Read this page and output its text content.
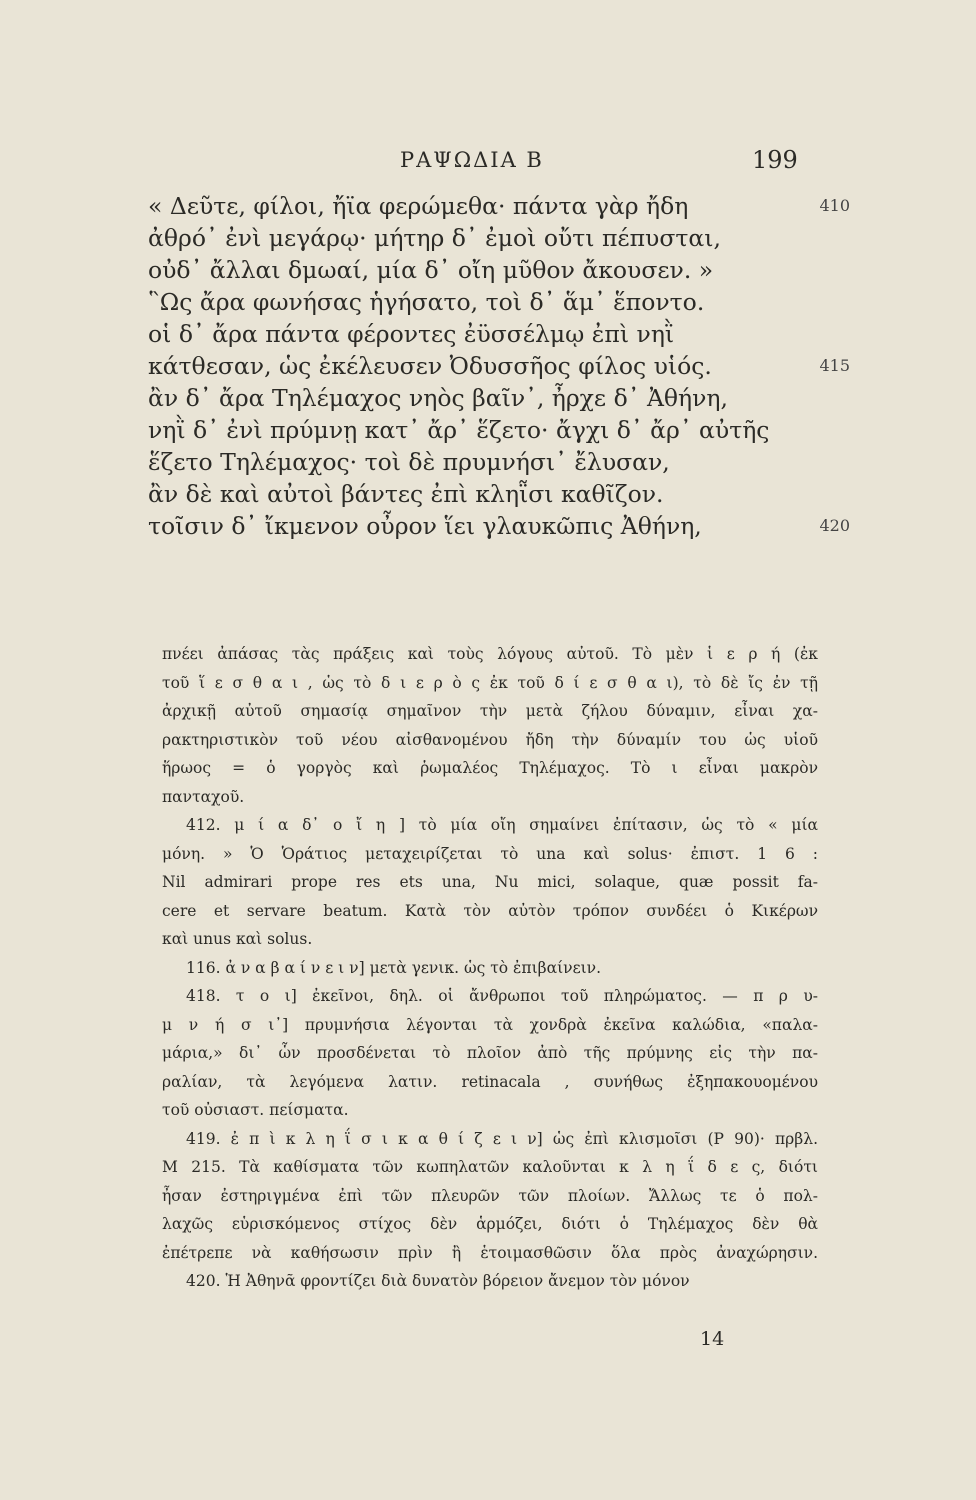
ΡΑΨΩΔΙΑ Β	199
« Δεῦτε, φίλοι, ἤϊα φερώμεθα· πάντα γὰρ ἤδη	410
ἀθρό᾽ ἐνὶ μεγάρῳ· μήτηρ δ᾽ ἐμοὶ οὔτι πέπυσται,
οὐδ᾽ ἄλλαι δμωαί, μία δ᾽ οἴη μῦθον ἄκουσεν. »
῝Ως ἄρα φωνήσας ἡγήσατο, τοὶ δ᾽ ἅμ᾽ ἕποντο.
οἱ δ᾽ ἄρα πάντα φέροντες ἐϋσσέλμῳ ἐπὶ νηῒ
κάτθεσαν, ὡς ἐκέλευσεν Ὀδυσσῆος φίλος υἱός.	415
ἂν δ᾽ ἄρα Τηλέμαχος νηὸς βαῖν᾽, ἦρχε δ᾽ Ἀθήνη,
νηῒ δ᾽ ἐνὶ πρύμνῃ κατ᾽ ἄρ᾽ ἕζετο· ἄγχι δ᾽ ἄρ᾽ αὐτῆς
ἕζετο Τηλέμαχος· τοὶ δὲ πρυμνήσι᾽ ἔλυσαν,
ἂν δὲ καὶ αὐτοὶ βάντες ἐπὶ κληῗσι καθῖζον.
τοῖσιν δ᾽ ἴκμενον οὖρον ἵει γλαυκῶπις Ἀθήνη,	420
πνέει ἀπάσας τὰς πράξεις καὶ τοὺς λόγους αὐτοῦ. Τὸ μὲν ἱ ε ρ ή (ἐκ
τοῦ ἵ ε σ θ α ι , ὡς τὸ δ ι ε ρ ὸ ς ἐκ τοῦ δ ί ε σ θ α ι), τὸ δὲ ἴς ἐν τῇ
ἀρχικῇ αὐτοῦ σημασίᾳ σημαῖνον τὴν μετὰ ζήλου δύναμιν, εἶναι χα-
ρακτηριστικὸν τοῦ νέου αἰσθανομένου ἤδη τὴν δύναμίν του ὡς υἱοῦ
ἥρωος = ὁ γοργὸς καὶ ῥωμαλέος Τηλέμαχος. Τὸ ι εἶναι μακρὸν
πανταχοῦ.
412. μ ί α δ᾽ ο ἴ η ] τὸ μία οἴη σημαίνει ἐπίτασιν, ὡς τὸ « μία
μόνη. » Ὁ Ὁράτιος μεταχειρίζεται τὸ una καὶ solus· ἐπιστ. 1 6 :
Nil admirari prope res ets una, Nu mici, solaque, quæ possit fa-
cere et servare beatum. Κατὰ τὸν αὐτὸν τρόπον συνδέει ὁ Κικέρων
καὶ unus καὶ solus.
116. ἀ ν α β α ί ν ε ι ν] μετὰ γενικ. ὡς τὸ ἐπιβαίνειν.
418. τ ο ι] ἐκεῖνοι, δηλ. οἱ ἄνθρωποι τοῦ πληρώματος. — π ρ υ-
μ ν ή σ ι᾽] πρυμνήσια λέγονται τὰ χονδρὰ ἐκεῖνα καλώδια, «παλα-
μάρια,» δι᾽ ὧν προσδένεται τὸ πλοῖον ἀπὸ τῆς πρύμνης εἰς τὴν πα-
ραλίαν, τὰ λεγόμενα λατιν. retinacala , συνήθως ἐξηπακουομένου
τοῦ οὐσιαστ. πείσματα.
419. ἐ π ὶ κ λ η ΐ σ ι κ α θ ί ζ ε ι ν] ὡς ἐπὶ κλισμοῖσι (P 90)· πρβλ.
Μ 215. Τὰ καθίσματα τῶν κωπηλατῶν καλοῦνται κ λ η ΐ δ ε ς, διότι
ἦσαν ἐστηριγμένα ἐπὶ τῶν πλευρῶν τῶν πλοίων. Ἄλλως τε ὁ πολ-
λαχῶς εὑρισκόμενος στίχος δὲν ἁρμόζει, διότι ὁ Τηλέμαχος δὲν θὰ
ἐπέτρεπε νὰ καθήσωσιν πρὶν ἢ ἑτοιμασθῶσιν ὅλα πρὸς ἀναχώρησιν.
420. Ἡ Ἀθηνᾶ φροντίζει διὰ δυνατὸν βόρειον ἄνεμον τὸν μόνον
14
